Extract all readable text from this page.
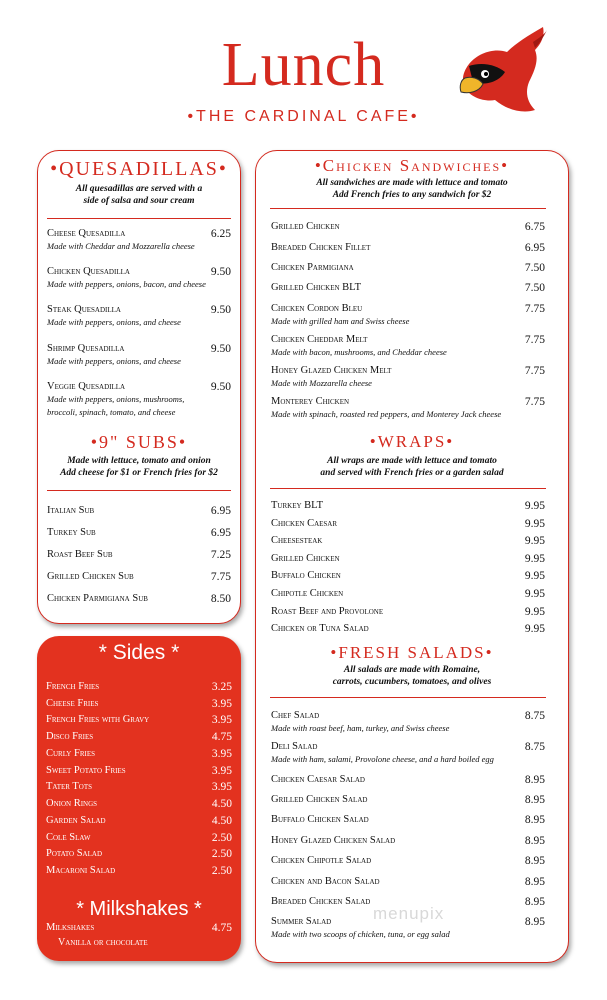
Lunch
•THE CARDINAL CAFE•
•QUESADILLAS•
All quesadillas are served with a
side of salsa and sour cream
Cheese Quesadilla	6.25
Made with Cheddar and Mozzarella cheese
Chicken Quesadilla	9.50
Made with peppers, onions, bacon, and cheese
Steak Quesadilla	9.50
Made with peppers, onions, and cheese
Shrimp Quesadilla	9.50
Made with peppers, onions, and cheese
Veggie Quesadilla	9.50
Made with peppers, onions, mushrooms,
broccoli, spinach, tomato, and cheese
•9" SUBS•
Made with lettuce, tomato and onion
Add cheese for $1 or French fries for $2
Italian Sub	6.95
Turkey Sub	6.95
Roast Beef Sub	7.25
Grilled Chicken Sub	7.75
Chicken Parmigiana Sub	8.50
* Sides *
French Fries	3.25
Cheese Fries	3.95
French Fries with Gravy	3.95
Disco Fries	4.75
Curly Fries	3.95
Sweet Potato Fries	3.95
Tater Tots	3.95
Onion Rings	4.50
Garden Salad	4.50
Cole Slaw	2.50
Potato Salad	2.50
Macaroni Salad	2.50
* Milkshakes *
Milkshakes	4.75
Vanilla or chocolate
•Chicken Sandwiches•
All sandwiches are made with lettuce and tomato
Add French fries to any sandwich for $2
Grilled Chicken	6.75
Breaded Chicken Fillet	6.95
Chicken Parmigiana	7.50
Grilled Chicken BLT	7.50
Chicken Cordon Bleu	7.75
Made with grilled ham and Swiss cheese
Chicken Cheddar Melt	7.75
Made with bacon, mushrooms, and Cheddar cheese
Honey Glazed Chicken Melt	7.75
Made with Mozzarella cheese
Monterey Chicken	7.75
Made with spinach, roasted red peppers, and Monterey Jack cheese
•WRAPS•
All wraps are made with lettuce and tomato
and served with French fries or a garden salad
Turkey BLT	9.95
Chicken Caesar	9.95
Cheesesteak	9.95
Grilled Chicken	9.95
Buffalo Chicken	9.95
Chipotle Chicken	9.95
Roast Beef and Provolone	9.95
Chicken or Tuna Salad	9.95
•FRESH SALADS•
All salads are made with Romaine,
carrots, cucumbers, tomatoes, and olives
Chef Salad	8.75
Made with roast beef, ham, turkey, and Swiss cheese
Deli Salad	8.75
Made with ham, salami, Provolone cheese, and a hard boiled egg
Chicken Caesar Salad	8.95
Grilled Chicken Salad	8.95
Buffalo Chicken Salad	8.95
Honey Glazed Chicken Salad	8.95
Chicken Chipotle Salad	8.95
Chicken and Bacon Salad	8.95
Breaded Chicken Salad	8.95
Summer Salad	8.95
Made with two scoops of chicken, tuna, or egg salad
menupix
